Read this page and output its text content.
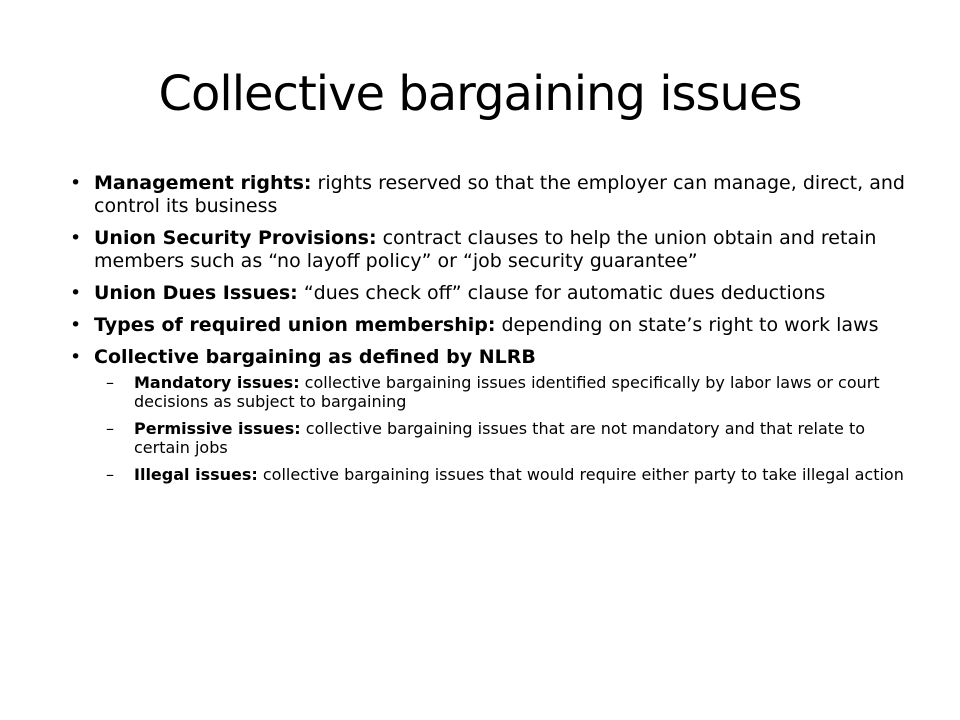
Collective bargaining issues
• Management rights: rights reserved so that the employer can manage, direct, and control its business
• Union Security Provisions: contract clauses to help the union obtain and retain members such as “no layoff policy” or “job security guarantee”
• Union Dues Issues: “dues check off” clause for automatic dues deductions
• Types of required union membership: depending on state’s right to work laws
• Collective bargaining as defined by NLRB
– Mandatory issues: collective bargaining issues identified specifically by labor laws or court decisions as subject to bargaining
– Permissive issues: collective bargaining issues that are not mandatory and that relate to certain jobs
– Illegal issues: collective bargaining issues that would require either party to take illegal action
